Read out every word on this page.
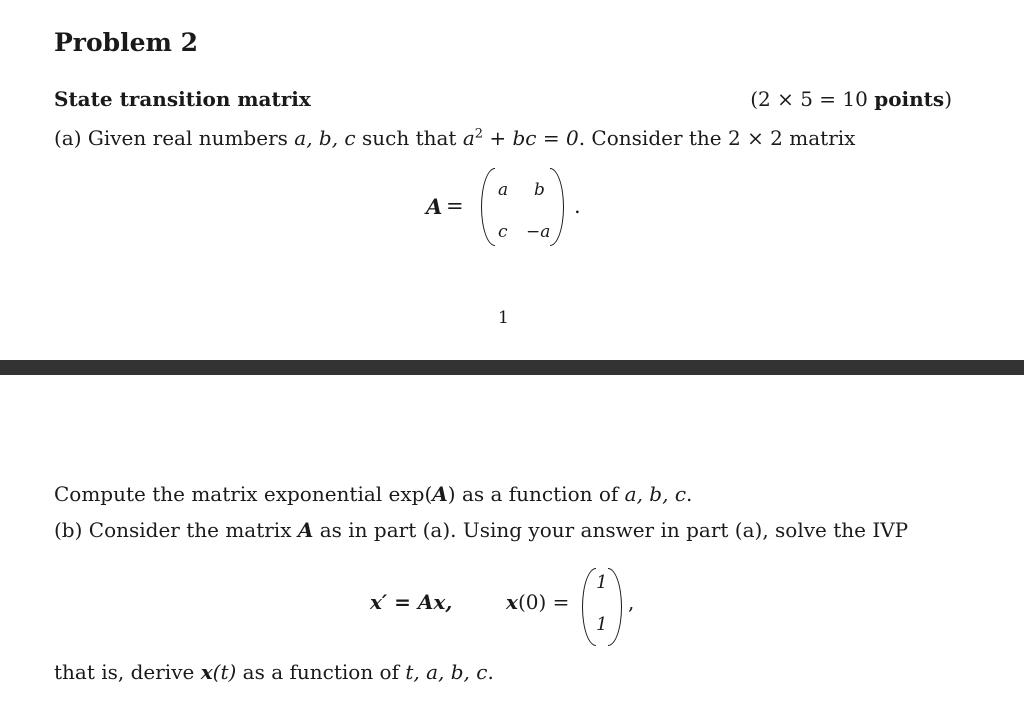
Problem 2
State transition matrix	(2 × 5 = 10 points)
(a) Given real numbers a, b, c such that $a^2$ + bc = 0. Consider the 2 × 2 matrix
A =
a b
c −a
.
1
Compute the matrix exponential exp(A) as a function of a, b, c.
(b) Consider the matrix A as in part (a). Using your answer in part (a), solve the IVP
x′ = Ax,	x(0) =
1
1
,
that is, derive x(t) as a function of t, a, b, c.
